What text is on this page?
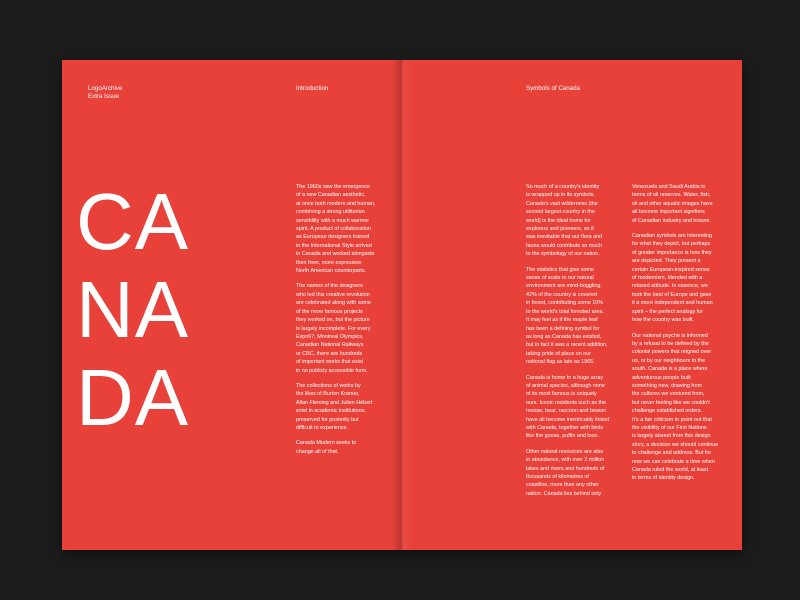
LogoArchive
Extra Issue
Introduction
CA
NA
DA

The 1960s saw the emergence
of a new Canadian aesthetic,
at once both modern and human,
combining a strong utilitarian
sensibility with a much warmer
spirit. A product of collaboration
as European designers trained
in the International Style arrived
in Canada and worked alongside
their freer, more expressive
North American counterparts.

The names of the designers
who led this creative revolution
are celebrated along with some
of the more famous projects
they worked on, but the picture
is largely incomplete. For every
Expo67, Montreal Olympics,
Canadian National Railways
or CBC, there are hundreds
of important works that exist
in no publicly accessible form.

The collections of works by
the likes of Burton Kramer,
Allan Fleming and Julien Hébert
exist in academic institutions,
preserved for posterity but
difficult to experience.

Canada Modern seeks to
change all of that.

Symbols of Canada

So much of a country's identity
is wrapped up in its symbols.
Canada's vast wilderness (the
second largest country in the
world) is the ideal home for
explorers and pioneers, so it
was inevitable that our flora and
fauna would contribute so much
to the symbology of our nation.

The statistics that give some
sense of scale to our natural
environment are mind-boggling.
42% of the country is covered
in forest, contributing some 10%
to the world's total forested area.
It may feel as if the maple leaf
has been a defining symbol for
as long as Canada has existed,
but in fact it was a recent addition,
taking pride of place on our
national flag as late as 1965.

Canada is home to a huge array
of animal species, although none
of its most famous is uniquely
ours. Iconic residents such as the
moose, bear, raccoon and beaver
have all become inextricably linked
with Canada, together with birds
like the goose, puffin and loon.

Other natural resources are also
in abundance, with over 2 million
lakes and rivers and hundreds of
thousands of kilometres of
coastline, more than any other
nation. Canada lies behind only

Venezuela and Saudi Arabia in
terms of oil reserves. Water, fish,
oil and other aquatic images have
all become important signifiers
of Canadian industry and leisure.

Canadian symbols are interesting
for what they depict, but perhaps
of greater importance is how they
are depicted. They present a
certain European-inspired sense
of modernism, blended with a
relaxed attitude. In essence, we
took the best of Europe and gave
it a more independent and human
spirit – the perfect analogy for
how the country was built.

Our national psyche is informed
by a refusal to be defined by the
colonial powers that reigned over
us, or by our neighbours to the
south. Canada is a place where
adventurous people built
something new, drawing from
the cultures we ventured from,
but never feeling like we couldn't
challenge established orders.
It's a fair criticism to point out that
the visibility of our First Nations
is largely absent from this design
story, a decision we should continue
to challenge and address. But for
now we can celebrate a time when
Canada ruled the world, at least
in terms of identity design.
